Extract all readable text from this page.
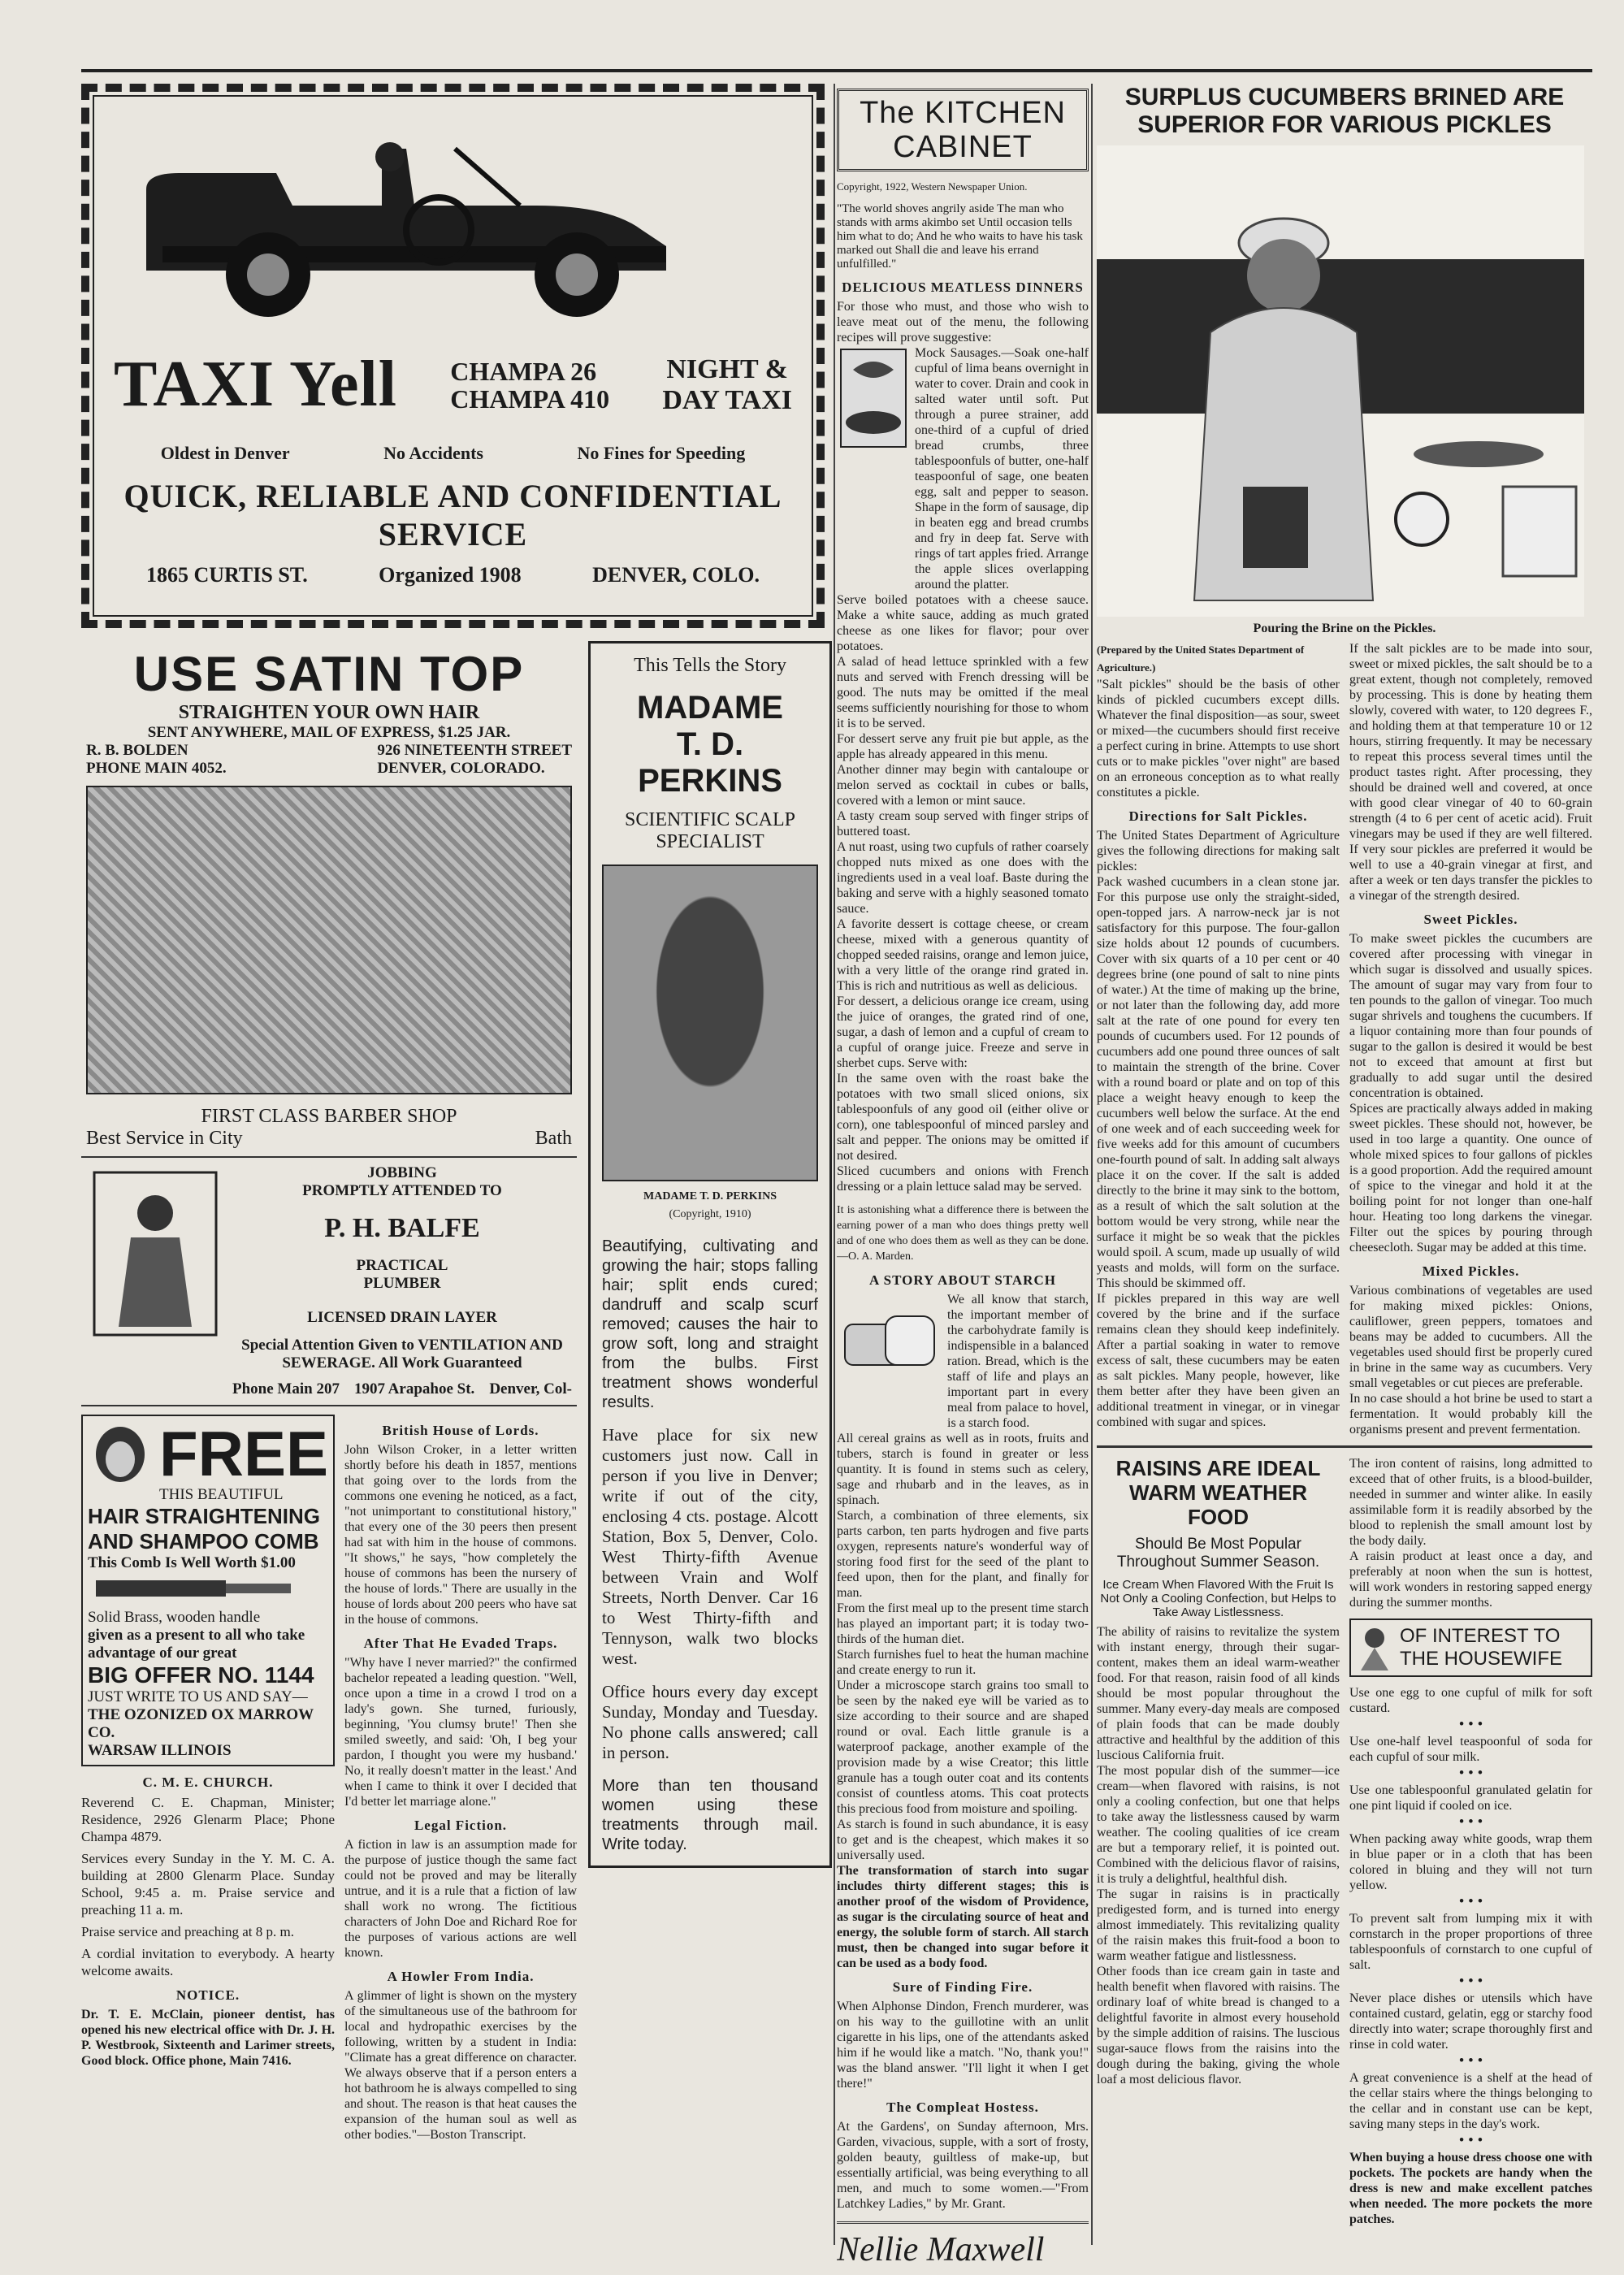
TAXI Yell CHAMPA 26
CHAMPA 410
NIGHT &
DAY TAXI
Oldest in Denver	No Accidents	No Fines for Speeding
QUICK, RELIABLE AND CONFIDENTIAL SERVICE
1865 CURTIS ST.	Organized 1908	DENVER, COLO.
USE SATIN TOP
STRAIGHTEN YOUR OWN HAIR
SENT ANYWHERE, MAIL OF EXPRESS, $1.25 JAR.
R. B. BOLDEN
PHONE MAIN 4052.
926 NINETEENTH STREET
DENVER, COLORADO.
FIRST CLASS BARBER SHOP
Best Service in City	Bath
JOBBING
PROMPTLY ATTENDED TO
P. H. BALFE
PRACTICAL
PLUMBER
LICENSED DRAIN LAYER
Special Attention Given to VENTILATION AND SEWERAGE. All Work Guaranteed
Phone Main 207 1907 Arapahoe St. Denver, Col-
FREE
THIS BEAUTIFUL
HAIR STRAIGHTENING
AND SHAMPOO COMB
This Comb Is Well Worth $1.00
Solid Brass, wooden handle
given as a present to all who take advantage of our great
BIG OFFER NO. 1144
JUST WRITE TO US AND SAY—
THE OZONIZED OX MARROW CO.
WARSAW ILLINOIS
C. M. E. CHURCH.
Reverend C. E. Chapman, Minister; Residence, 2926 Glenarm Place; Phone Champa 4879.
Services every Sunday in the Y. M. C. A. building at 2800 Glenarm Place. Sunday School, 9:45 a. m. Praise service and preaching 11 a. m.
Praise service and preaching at 8 p. m.
A cordial invitation to everybody. A hearty welcome awaits.
NOTICE.
Dr. T. E. McClain, pioneer dentist, has opened his new electrical office with Dr. J. H. P. Westbrook, Sixteenth and Larimer streets, Good block. Office phone, Main 7416.
British House of Lords.
John Wilson Croker, in a letter written shortly before his death in 1857, mentions that going over to the lords from the commons one evening he noticed, as a fact, "not unimportant to constitutional history," that every one of the 30 peers then present had sat with him in the house of commons. "It shows," he says, "how completely the house of commons has been the nursery of the house of lords." There are usually in the house of lords about 200 peers who have sat in the house of commons.
After That He Evaded Traps.
"Why have I never married?" the confirmed bachelor repeated a leading question. "Well, once upon a time in a crowd I trod on a lady's gown. She turned, furiously, beginning, 'You clumsy brute!' Then she smiled sweetly, and said: 'Oh, I beg your pardon, I thought you were my husband.' No, it really doesn't matter in the least.' And when I came to think it over I decided that I'd better let marriage alone."
Legal Fiction.
A fiction in law is an assumption made for the purpose of justice though the same fact could not be proved and may be literally untrue, and it is a rule that a fiction of law shall work no wrong. The fictitious characters of John Doe and Richard Roe for the purposes of various actions are well known.
A Howler From India.
A glimmer of light is shown on the mystery of the simultaneous use of the bathroom for local and hydropathic exercises by the following, written by a student in India: "Climate has a great difference on character. We always observe that if a person enters a hot bathroom he is always compelled to sing and shout. The reason is that heat causes the expansion of the human soul as well as other bodies."—Boston Transcript.
This Tells the Story
MADAME
T. D. PERKINS
SCIENTIFIC SCALP SPECIALIST
MADAME T. D. PERKINS
(Copyright, 1910)
Beautifying, cultivating and growing the hair; stops falling hair; split ends cured; dandruff and scalp scurf removed; causes the hair to grow soft, long and straight from the bulbs. First treatment shows wonderful results.
Have place for six new customers just now. Call in person if you live in Denver; write if out of the city, enclosing 4 cts. postage. Alcott Station, Box 5, Denver, Colo. West Thirty-fifth Avenue between Vrain and Wolf Streets, North Denver. Car 16 to West Thirty-fifth and Tennyson, walk two blocks west.
Office hours every day except Sunday, Monday and Tuesday. No phone calls answered; call in person.
More than ten thousand women using these treatments through mail. Write today.
The KITCHEN
CABINET
Copyright, 1922, Western Newspaper Union.
"The world shoves angrily aside The man who stands with arms akimbo set Until occasion tells him what to do; And he who waits to have his task marked out Shall die and leave his errand unfulfilled."
DELICIOUS MEATLESS DINNERS
For those who must, and those who wish to leave meat out of the menu, the following recipes will prove suggestive:
Mock Sausages.—Soak one-half cupful of lima beans overnight in water to cover. Drain and cook in salted water until soft. Put through a puree strainer, add one-third of a cupful of dried bread crumbs, three tablespoonfuls of butter, one-half teaspoonful of sage, one beaten egg, salt and pepper to season. Shape in the form of sausage, dip in beaten egg and bread crumbs and fry in deep fat. Serve with rings of tart apples fried. Arrange the apple slices overlapping around the platter.
Serve boiled potatoes with a cheese sauce. Make a white sauce, adding as much grated cheese as one likes for flavor; pour over potatoes.
A salad of head lettuce sprinkled with a few nuts and served with French dressing will be good. The nuts may be omitted if the meal seems sufficiently nourishing for those to whom it is to be served.
For dessert serve any fruit pie but apple, as the apple has already appeared in this menu.
Another dinner may begin with cantaloupe or melon served as cocktail in cubes or balls, covered with a lemon or mint sauce.
A tasty cream soup served with finger strips of buttered toast.
A nut roast, using two cupfuls of rather coarsely chopped nuts mixed as one does with the ingredients used in a veal loaf. Baste during the baking and serve with a highly seasoned tomato sauce.
A favorite dessert is cottage cheese, or cream cheese, mixed with a generous quantity of chopped seeded raisins, orange and lemon juice, with a very little of the orange rind grated in. This is rich and nutritious as well as delicious.
For dessert, a delicious orange ice cream, using the juice of oranges, the grated rind of one, sugar, a dash of lemon and a cupful of cream to a cupful of orange juice. Freeze and serve in sherbet cups. Serve with:
In the same oven with the roast bake the potatoes with two small sliced onions, six tablespoonfuls of any good oil (either olive or corn), one tablespoonful of minced parsley and salt and pepper. The onions may be omitted if not desired.
Sliced cucumbers and onions with French dressing or a plain lettuce salad may be served.
It is astonishing what a difference there is between the earning power of a man who does things pretty well and of one who does them as well as they can be done.—O. A. Marden.
A STORY ABOUT STARCH
We all know that starch, the important member of the carbohydrate family is indispensible in a balanced ration. Bread, which is the staff of life and plays an important part in every meal from palace to hovel, is a starch food.
All cereal grains as well as in roots, fruits and tubers, starch is found in greater or less quantity. It is found in stems such as celery, sage and rhubarb and in the leaves, as in spinach.
Starch, a combination of three elements, six parts carbon, ten parts hydrogen and five parts oxygen, represents nature's wonderful way of storing food first for the seed of the plant to feed upon, then for the plant, and finally for man.
From the first meal up to the present time starch has played an important part; it is today two-thirds of the human diet.
Starch furnishes fuel to heat the human machine and create energy to run it.
Under a microscope starch grains too small to be seen by the naked eye will be varied as to size according to their source and are shaped round or oval. Each little granule is a waterproof package, another example of the provision made by a wise Creator; this little granule has a tough outer coat and its contents consist of countless atoms. This coat protects this precious food from moisture and spoiling.
As starch is found in such abundance, it is easy to get and is the cheapest, which makes it so universally used.
The transformation of starch into sugar includes thirty different stages; this is another proof of the wisdom of Providence, as sugar is the circulating source of heat and energy, the soluble form of starch. All starch must, then be changed into sugar before it can be used as a body food.
Sure of Finding Fire.
When Alphonse Dindon, French murderer, was on his way to the guillotine with an unlit cigarette in his lips, one of the attendants asked him if he would like a match. "No, thank you!" was the bland answer. "I'll light it when I get there!"
The Compleat Hostess.
At the Gardens', on Sunday afternoon, Mrs. Garden, vivacious, supple, with a sort of frosty, golden beauty, guiltless of make-up, but essentially artificial, was being everything to all men, and much to some women.—"From Latchkey Ladies," by Mr. Grant.
Nellie Maxwell
SURPLUS CUCUMBERS BRINED ARE
SUPERIOR FOR VARIOUS PICKLES
Pouring the Brine on the Pickles.
(Prepared by the United States Department of Agriculture.)
"Salt pickles" should be the basis of other kinds of pickled cucumbers except dills. Whatever the final disposition—as sour, sweet or mixed—the cucumbers should first receive a perfect curing in brine. Attempts to use short cuts or to make pickles "over night" are based on an erroneous conception as to what really constitutes a pickle.
Directions for Salt Pickles.
The United States Department of Agriculture gives the following directions for making salt pickles:
Pack washed cucumbers in a clean stone jar. For this purpose use only the straight-sided, open-topped jars. A narrow-neck jar is not satisfactory for this purpose. The four-gallon size holds about 12 pounds of cucumbers. Cover with six quarts of a 10 per cent or 40 degrees brine (one pound of salt to nine pints of water.) At the time of making up the brine, or not later than the following day, add more salt at the rate of one pound for every ten pounds of cucumbers used. For 12 pounds of cucumbers add one pound three ounces of salt to maintain the strength of the brine. Cover with a round board or plate and on top of this place a weight heavy enough to keep the cucumbers well below the surface. At the end of one week and of each succeeding week for five weeks add for this amount of cucumbers one-fourth pound of salt. In adding salt always place it on the cover. If the salt is added directly to the brine it may sink to the bottom, as a result of which the salt solution at the bottom would be very strong, while near the surface it might be so weak that the pickles would spoil. A scum, made up usually of wild yeasts and molds, will form on the surface. This should be skimmed off.
If pickles prepared in this way are well covered by the brine and if the surface remains clean they should keep indefinitely. After a partial soaking in water to remove excess of salt, these cucumbers may be eaten as salt pickles. Many people, however, like them better after they have been given an additional treatment in vinegar, or in vinegar combined with sugar and spices.
If the salt pickles are to be made into sour, sweet or mixed pickles, the salt should be to a great extent, though not completely, removed by processing. This is done by heating them slowly, covered with water, to 120 degrees F., and holding them at that temperature 10 or 12 hours, stirring frequently. It may be necessary to repeat this process several times until the product tastes right. After processing, they should be drained well and covered, at once with good clear vinegar of 40 to 60-grain strength (4 to 6 per cent of acetic acid). Fruit vinegars may be used if they are well filtered. If very sour pickles are preferred it would be well to use a 40-grain vinegar at first, and after a week or ten days transfer the pickles to a vinegar of the strength desired.
Sweet Pickles.
To make sweet pickles the cucumbers are covered after processing with vinegar in which sugar is dissolved and usually spices. The amount of sugar may vary from four to ten pounds to the gallon of vinegar. Too much sugar shrivels and toughens the cucumbers. If a liquor containing more than four pounds of sugar to the gallon is desired it would be best not to exceed that amount at first but gradually to add sugar until the desired concentration is obtained.
Spices are practically always added in making sweet pickles. These should not, however, be used in too large a quantity. One ounce of whole mixed spices to four gallons of pickles is a good proportion. Add the required amount of spice to the vinegar and hold it at the boiling point for not longer than one-half hour. Heating too long darkens the vinegar. Filter out the spices by pouring through cheesecloth. Sugar may be added at this time.
Mixed Pickles.
Various combinations of vegetables are used for making mixed pickles: Onions, cauliflower, green peppers, tomatoes and beans may be added to cucumbers. All the vegetables used should first be properly cured in brine in the same way as cucumbers. Very small vegetables or cut pieces are preferable.
In no case should a hot brine be used to start a fermentation. It would probably kill the organisms present and prevent fermentation.
RAISINS ARE IDEAL
WARM WEATHER FOOD
Should Be Most Popular Throughout Summer Season.
Ice Cream When Flavored With the Fruit Is Not Only a Cooling Confection, but Helps to Take Away Listlessness.
The ability of raisins to revitalize the system with instant energy, through their sugar-content, makes them an ideal warm-weather food. For that reason, raisin food of all kinds should be most popular throughout the summer. Many every-day meals are composed of plain foods that can be made doubly attractive and healthful by the addition of this luscious California fruit.
The most popular dish of the summer—ice cream—when flavored with raisins, is not only a cooling confection, but one that helps to take away the listlessness caused by warm weather. The cooling qualities of ice cream are but a temporary relief, it is pointed out. Combined with the delicious flavor of raisins, it is truly a delightful, healthful dish.
The sugar in raisins is in practically predigested form, and is turned into energy almost immediately. This revitalizing quality of the raisin makes this fruit-food a boon to warm weather fatigue and listlessness.
Other foods than ice cream gain in taste and health benefit when flavored with raisins. The ordinary loaf of white bread is changed to a delightful favorite in almost every household by the simple addition of raisins. The luscious sugar-sauce flows from the raisins into the dough during the baking, giving the whole loaf a most delicious flavor.
The iron content of raisins, long admitted to exceed that of other fruits, is a blood-builder, needed in summer and winter alike. In easily assimilable form it is readily absorbed by the blood to replenish the small amount lost by the body daily.
A raisin product at least once a day, and preferably at noon when the sun is hottest, will work wonders in restoring sapped energy during the summer months.
OF INTEREST TO
THE HOUSEWIFE
Use one egg to one cupful of milk for soft custard.
• • •
Use one-half level teaspoonful of soda for each cupful of sour milk.
• • •
Use one tablespoonful granulated gelatin for one pint liquid if cooled on ice.
• • •
When packing away white goods, wrap them in blue paper or in a cloth that has been colored in bluing and they will not turn yellow.
• • •
To prevent salt from lumping mix it with cornstarch in the proper proportions of three tablespoonfuls of cornstarch to one cupful of salt.
• • •
Never place dishes or utensils which have contained custard, gelatin, egg or starchy food directly into water; scrape thoroughly first and rinse in cold water.
• • •
A great convenience is a shelf at the head of the cellar stairs where the things belonging to the cellar and in constant use can be kept, saving many steps in the day's work.
• • •
When buying a house dress choose one with pockets. The pockets are handy when the dress is new and make excellent patches when needed. The more pockets the more patches.
